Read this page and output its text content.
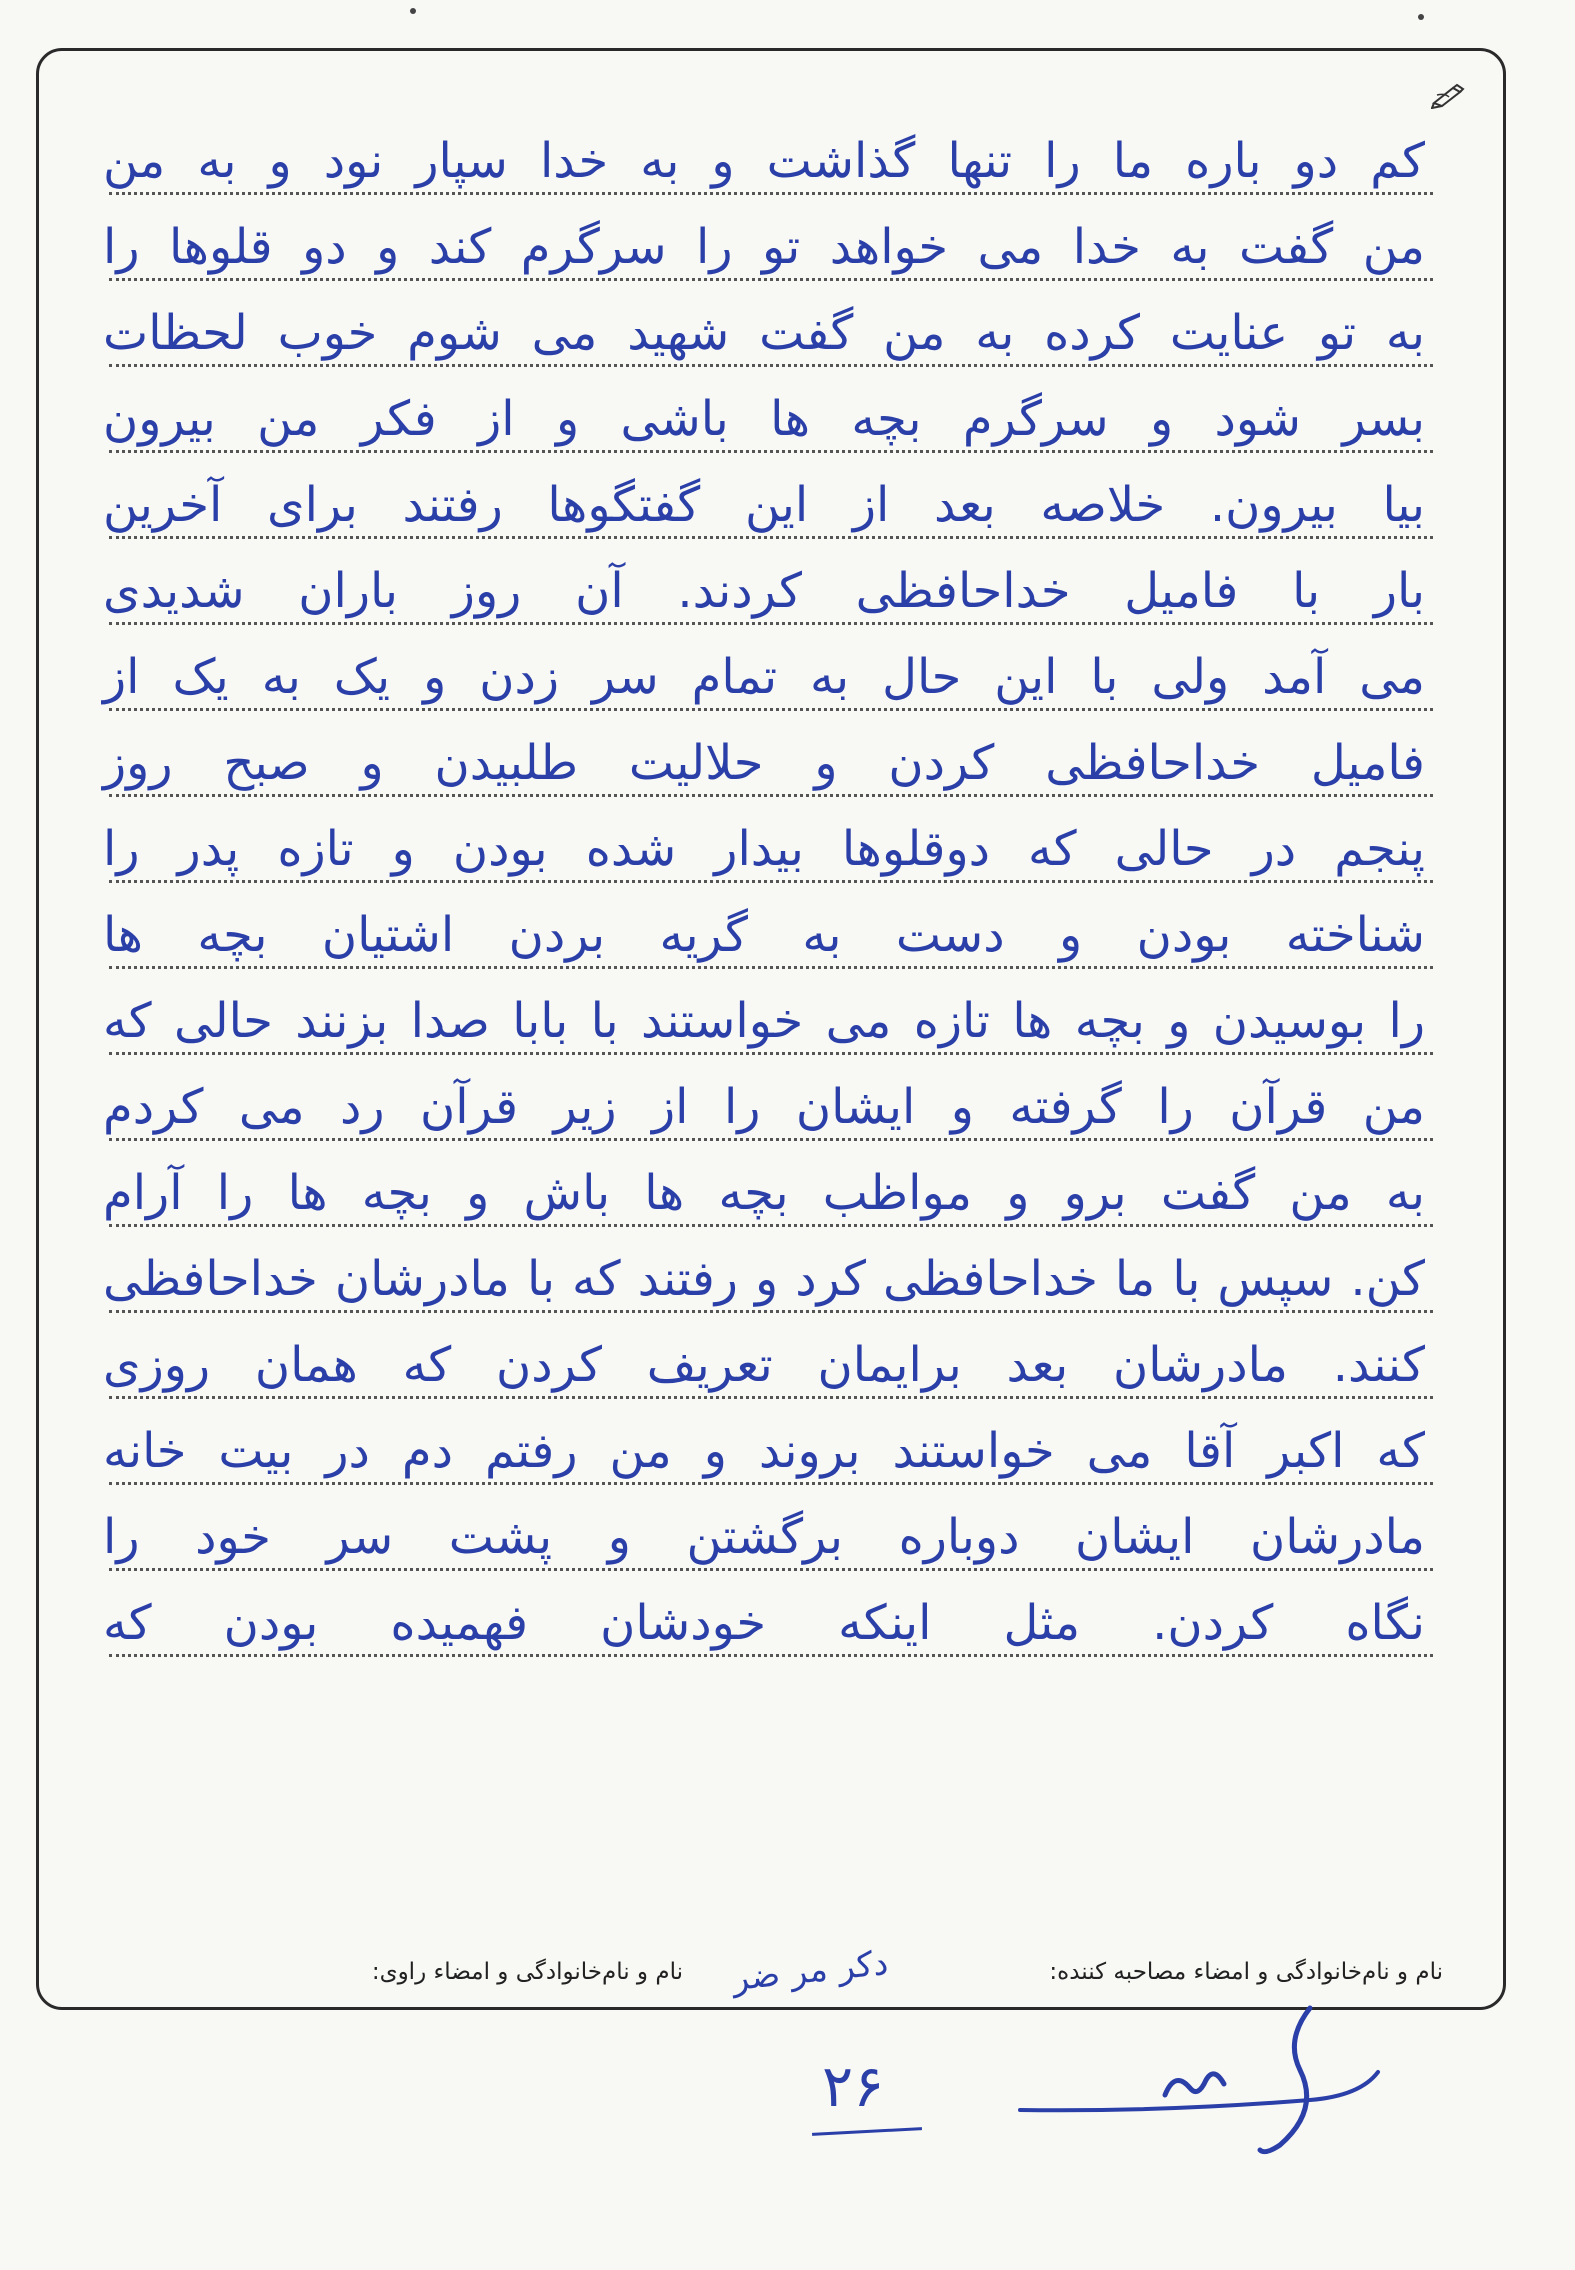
کم دو باره ما را تنها گذاشت و به خدا سپار نود و به من
من گفت به خدا می خواهد تو را سرگرم کند و دو قلوها را
به تو عنایت کرده به من گفت شهید می شوم خوب لحظات
بسر شود و سرگرم بچه ها باشی و از فکر من بیرون
بیا بیرون. خلاصه بعد از این گفتگوها رفتند برای آخرین
بار با فامیل خداحافظی کردند. آن روز باران شدیدی
می آمد ولی با این حال به تمام سر زدن و یک به یک از
فامیل خداحافظی کردن و حلالیت طلبیدن و صبح روز
پنجم در حالی که دوقلوها بیدار شده بودن و تازه پدر را
شناخته بودن و دست به گریه بردن اشتیان بچه ها
را بوسیدن و بچه ها تازه می خواستند با بابا صدا بزنند حالی که
من قرآن را گرفته و ایشان را از زیر قرآن رد می کردم
به من گفت برو و مواظب بچه ها باش و بچه ها را آرام
کن. سپس با ما خداحافظی کرد و رفتند که با مادرشان خداحافظی
کنند. مادرشان بعد برایمان تعریف کردن که همان روزی
که اکبر آقا می خواستند بروند و من رفتم دم در بیت خانه
مادرشان ایشان دوباره برگشتن و پشت سر خود را
نگاه کردن. مثل اینکه خودشان فهمیده بودن که
نام و نام‌خانوادگی و امضاء مصاحبه کننده:
دکر مر ضر
نام و نام‌خانوادگی و امضاء راوی:
۲۶
